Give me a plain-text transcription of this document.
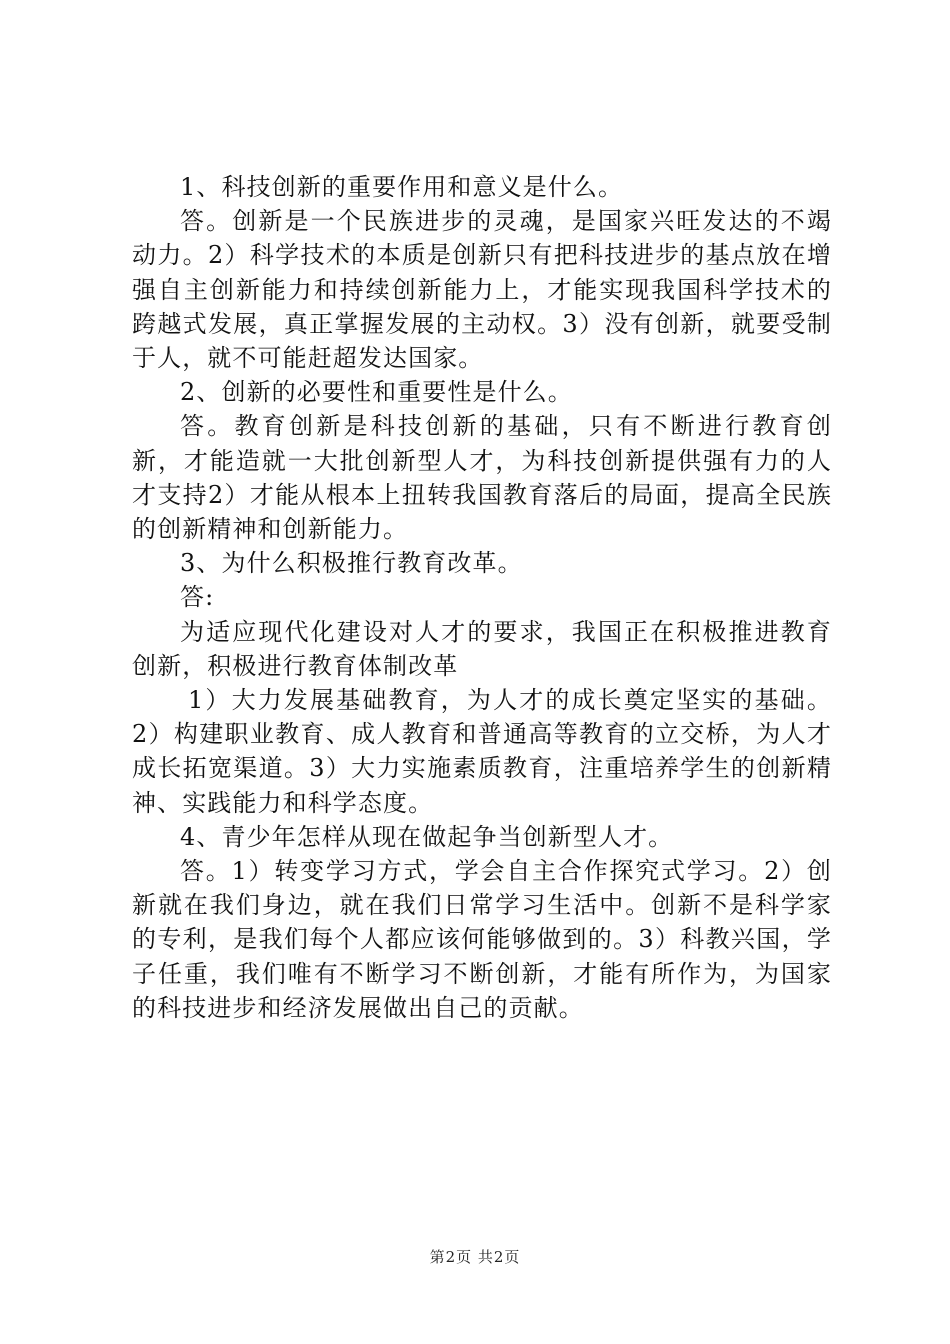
1、科技创新的重要作用和意义是什么。

答。创新是一个民族进步的灵魂，是国家兴旺发达的不竭动力。2）科学技术的本质是创新只有把科技进步的基点放在增强自主创新能力和持续创新能力上，才能实现我国科学技术的跨越式发展，真正掌握发展的主动权。3）没有创新，就要受制于人，就不可能赶超发达国家。

2、创新的必要性和重要性是什么。

答。教育创新是科技创新的基础，只有不断进行教育创新，才能造就一大批创新型人才，为科技创新提供强有力的人才支持2）才能从根本上扭转我国教育落后的局面，提高全民族的创新精神和创新能力。

3、为什么积极推行教育改革。

答:

为适应现代化建设对人才的要求，我国正在积极推进教育创新，积极进行教育体制改革

1）大力发展基础教育，为人才的成长奠定坚实的基础。2）构建职业教育、成人教育和普通高等教育的立交桥，为人才成长拓宽渠道。3）大力实施素质教育，注重培养学生的创新精神、实践能力和科学态度。

4、青少年怎样从现在做起争当创新型人才。

答。1）转变学习方式，学会自主合作探究式学习。2）创新就在我们身边，就在我们日常学习生活中。创新不是科学家的专利，是我们每个人都应该何能够做到的。3）科教兴国，学子任重，我们唯有不断学习不断创新，才能有所作为，为国家的科技进步和经济发展做出自己的贡献。

第2页 共2页
